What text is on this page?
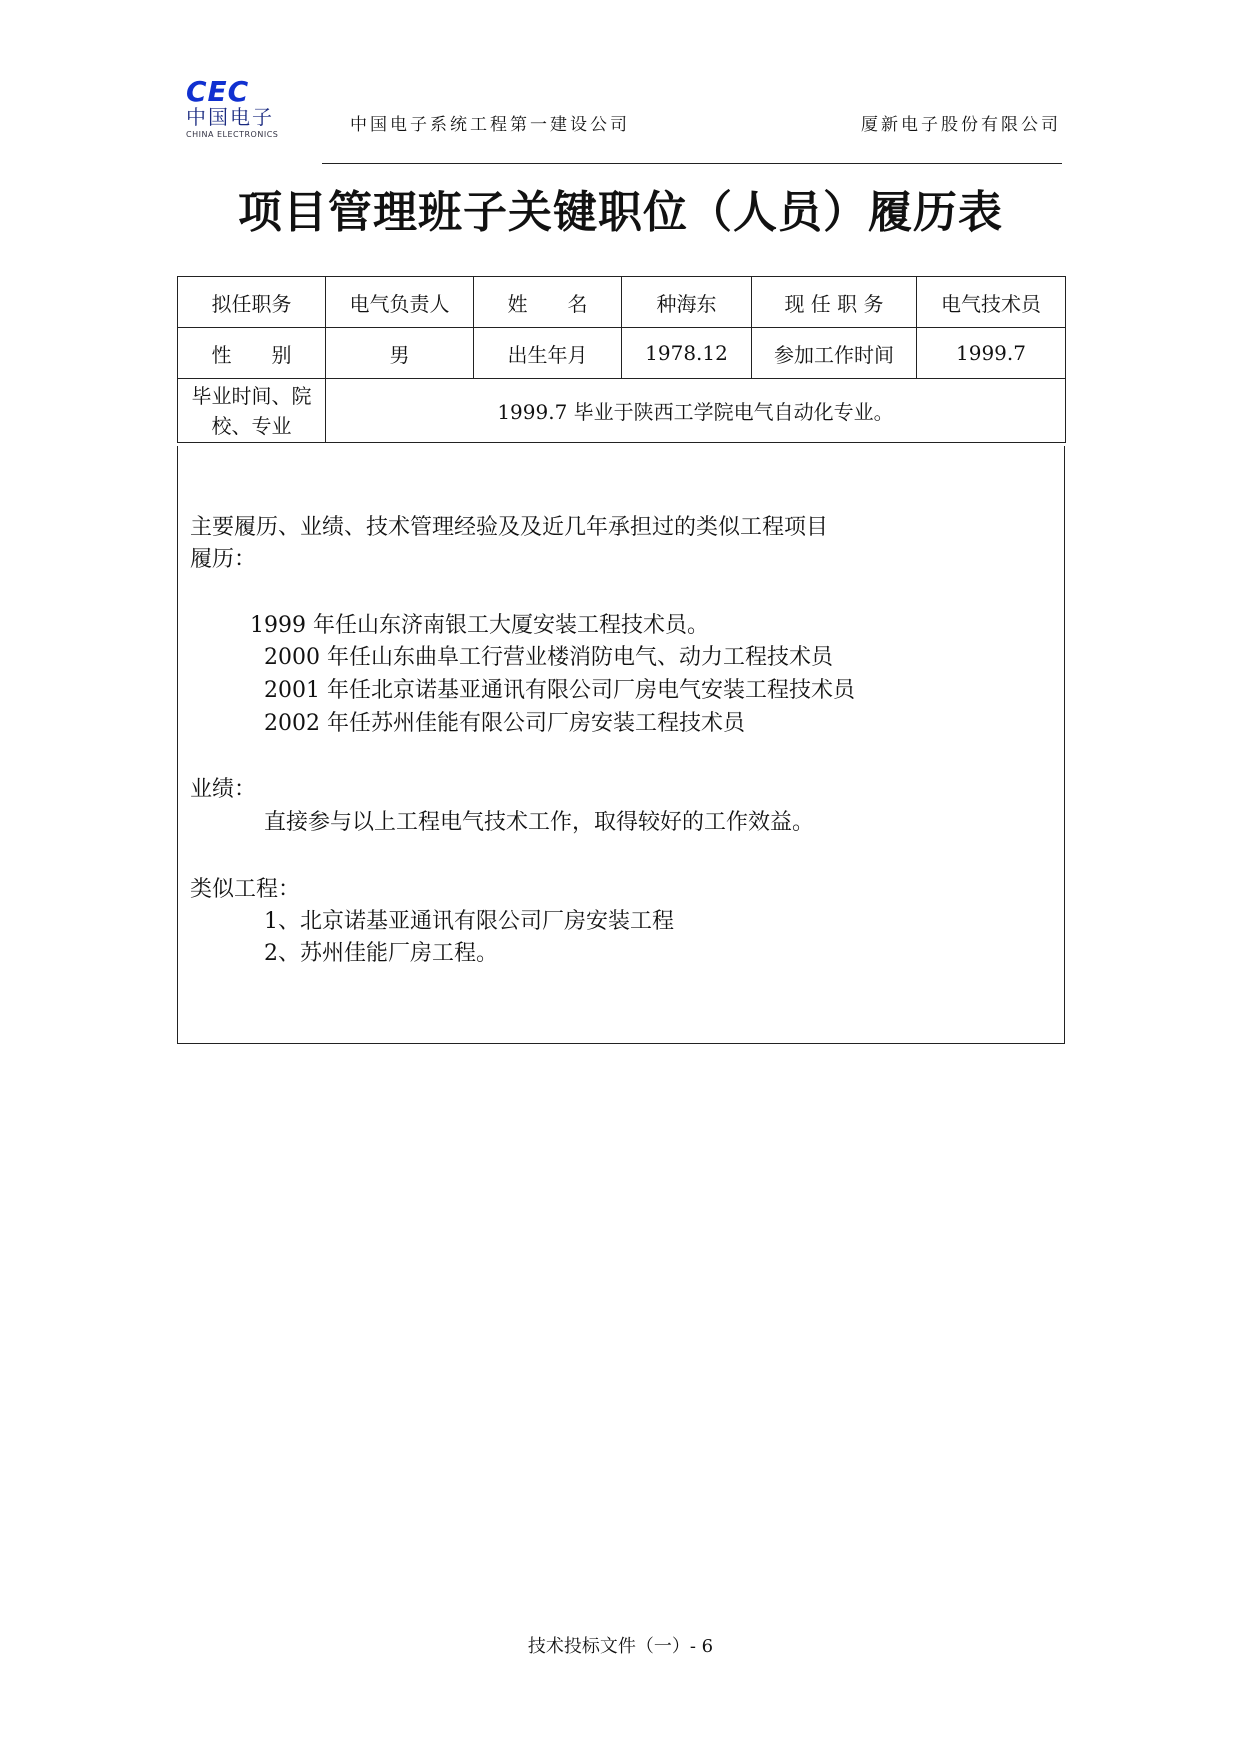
CEC
中国电子
CHINA ELECTRONICS	中国电子系统工程第一建设公司	厦新电子股份有限公司
项目管理班子关键职位（人员）履历表
拟任职务	电气负责人	姓　　名	种海东	现 任 职 务	电气技术员
性　　别	男	出生年月	1978.12	参加工作时间	1999.7

毕业时间、院
校、专业	1999.7 毕业于陕西工学院电气自动化专业。				
主要履历、业绩、技术管理经验及及近几年承担过的类似工程项目
履历：
1999 年任山东济南银工大厦安装工程技术员。
2000 年任山东曲阜工行营业楼消防电气、动力工程技术员
2001 年任北京诺基亚通讯有限公司厂房电气安装工程技术员
2002 年任苏州佳能有限公司厂房安装工程技术员
业绩：
直接参与以上工程电气技术工作，取得较好的工作效益。
类似工程：
1、北京诺基亚通讯有限公司厂房安装工程
2、苏州佳能厂房工程。
技术投标文件（一）- 6
